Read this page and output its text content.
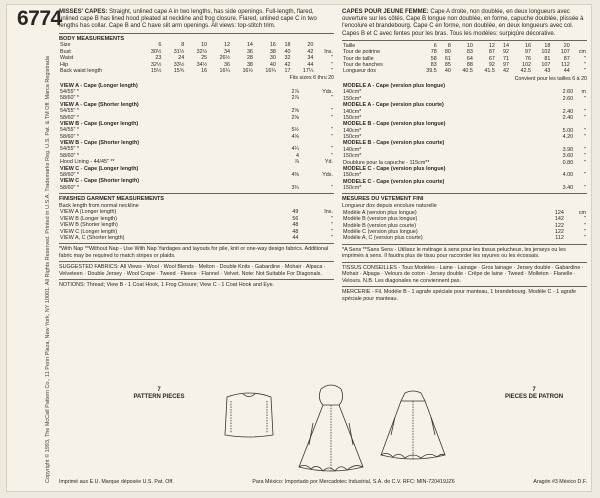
Copyright © 1993, The McCall Pattern Co., 11 Penn Plaza, New York, NY 10001. All Rights Reserved. Printed in U.S.A. Trademarks Reg. U.S. Pat. & TM Off. Marca Registrada
6774
MISSES' CAPES: Straight, unlined cape A in two lengths, has side openings. Full-length, flared, unlined cape B has lined hood pleated at neckline and frog closure. Flared, unlined cape C in two lengths has collar. Cape B and C have slit arm openings. All views: top-stitch trim.
BODY MEASUREMENTS
Size	6	8	10	12	14	16	18	20	
Bust	30½	31½	32½	34	36	38	40	42	Ins.
Waist	23	24	25	26½	28	30	32	34	"
Hip	32½	33½	34½	36	38	40	42	44	"
Back waist length	15½	15¾	16	16¼	16½	16¾	17	17¼	"
Fits sizes 6 thru 20
VIEW A - Cape (Longer length)		
54/55" *	2⅞	Yds.
58/60" *	2⅞	"
VIEW A - Cape (Shorter length)		
54/55" *	2⅝	"
58/60" *	2⅝	"
VIEW B - Cape (Longer length)		
54/55" *	5½	"
58/60" *	4⅝	"
VIEW B - Cape (Shorter length)		
54/55" *	4¼	"
58/60" *	4	"
Hood Lining - 44/45" **	⅞	Yd.
VIEW C - Cape (Longer length)		
58/60" *	4⅜	Yds.
VIEW C - Cape (Shorter length)		
58/60" *	3¾	"
FINISHED GARMENT MEASUREMENTS
Back length from normal neckline
VIEW A (Longer length)	49	Ins.
VIEW B (Longer length)	56	"
VIEW B (Shorter length)	48	"
VIEW C (Longer length)	48	"
VIEW A, C (Shorter length)	44	"
*With Nap **Without Nap - Use With Nap Yardages and layouts for pile, knit or one-way design fabrics. Additional fabric may be required to match stripes or plaids.
SUGGESTED FABRICS: All Views - Wool · Wool Blends · Melton · Double Knits · Gabardine · Mohair · Alpaca · Velveteen · Double Jersey · Wool Crepe · Tweed · Fleece · Flannel · Velvet. Note: Not Suitable For Diagonals.
NOTIONS: Thread; View B - 1 Coat Hook, 1 Frog Closure; View C - 1 Coat Hook and Eye.
CAPES POUR JEUNE FEMME: Cape A droite, non doublée, en deux longueurs avec ouverture sur les côtés. Cape B longue non doublée, en forme, capuche doublée, plissée à l'encolure et brandebourg. Cape C en forme, non doublée, en deux longueurs avec col. Capes B et C avec fentes pour les bras. Tous les modèles: surpiqûre décorative.
Taille	6	8	10	12	14	16	18	20	
Tour de poitrine	78	80	83	87	92	97	102	107	cm
Tour de taille	58	61	64	67	71	76	81	87	"
Tour de hanches	83	85	88	92	97	102	107	112	"
Longueur dos	39.5	40	40.5	41.5	42	42.5	43	44	"
Convient pour les tailles 6 à 20
MODELE A - Cape (version plus longue)		
140cm*	2.60	m
150cm*	2.60	"
MODELE A - Cape (version plus courte)		
140cm*	2.40	"
150cm*	2.40	"
MODELE B - Cape (version plus longue)		
140cm*	5.00	"
150cm*	4.20	"
MODELE B - Cape (version plus courte)		
140cm*	3.90	"
150cm*	3.60	"
Doublure pour la capuche - 115cm**	0.80	"
MODELE C - Cape (version plus longue)		
150cm*	4.00	"
MODELE C - Cape (version plus courte)		
150cm*	3.40	"
MESURES DU VETEMENT FINI
Longueur dos depuis encolure naturelle
Modèle A (version plus longue)	124	cm
Modèle B (version plus longue)	142	"
Modèle B (version plus courte)	122	"
Modèle C (version plus longue)	122	"
Modèle A, C (version plus courte)	112	"
*A Sens **Sans Sens - Utilisez le métrage à sens pour les tissus pelucheux, les jerseys ou les imprimés à sens. Il faudra plus de tissu pour raccorder les rayures ou les écossais.
TISSUS CONSEILLES - Tous Modèles - Laine · Lainage · Gros lainage · Jersey double · Gabardine · Mohair · Alpaga · Velours de coton · Jersey double · Crêpe de laine · Tweed · Molleton · Flanelle · Velours. N.B. Les diagonales ne conviennent pas.
MERCERIE - Fil. Modèle B - 1 agrafe spéciale pour manteau, 1 brandebourg. Modèle C - 1 agrafe spéciale pour manteau.
7
PATTERN PIECES
7
PIECES DE PATRON
Imprimé aux E.U. Marque déposée U.S. Pat. Off.	Para México: Importado por Mercadotec Industrial, S.A. de C.V. RFC: MIN-720419JZ6	Aragón #3 México D.F.
